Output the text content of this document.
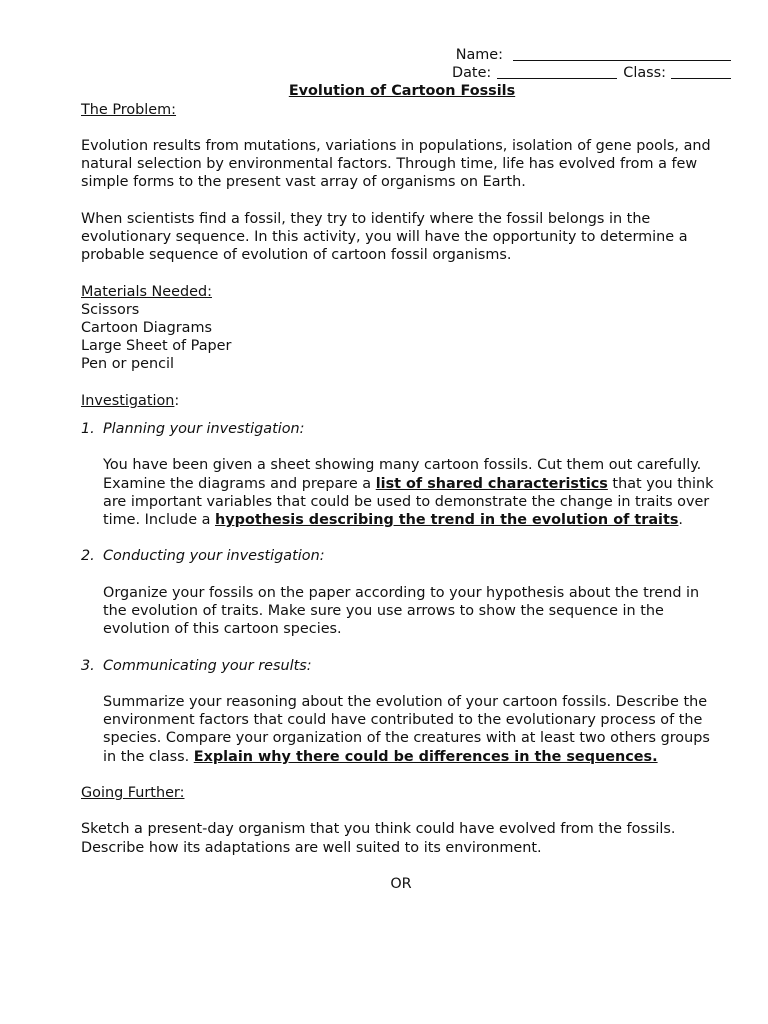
Name:
Date:	Class:

Evolution of Cartoon Fossils

The Problem:

Evolution results from mutations, variations in populations, isolation of gene pools, and natural selection by environmental factors. Through time, life has evolved from a few simple forms to the present vast array of organisms on Earth.

When scientists find a fossil, they try to identify where the fossil belongs in the evolutionary sequence. In this activity, you will have the opportunity to determine a probable sequence of evolution of cartoon fossil organisms.

Materials Needed:

Scissors

Cartoon Diagrams

Large Sheet of Paper

Pen or pencil

Investigation:

1. Planning your investigation:

You have been given a sheet showing many cartoon fossils. Cut them out carefully.

Examine the diagrams and prepare a list of shared characteristics that you think are important variables that could be used to demonstrate the change in traits over time. Include a hypothesis describing the trend in the evolution of traits.

2. Conducting your investigation:

Organize your fossils on the paper according to your hypothesis about the trend in the evolution of traits. Make sure you use arrows to show the sequence in the evolution of this cartoon species.

3. Communicating your results:

Summarize your reasoning about the evolution of your cartoon fossils. Describe the environment factors that could have contributed to the evolutionary process of the species. Compare your organization of the creatures with at least two others groups in the class. Explain why there could be differences in the sequences.

Going Further:

Sketch a present-day organism that you think could have evolved from the fossils. Describe how its adaptations are well suited to its environment.

OR
